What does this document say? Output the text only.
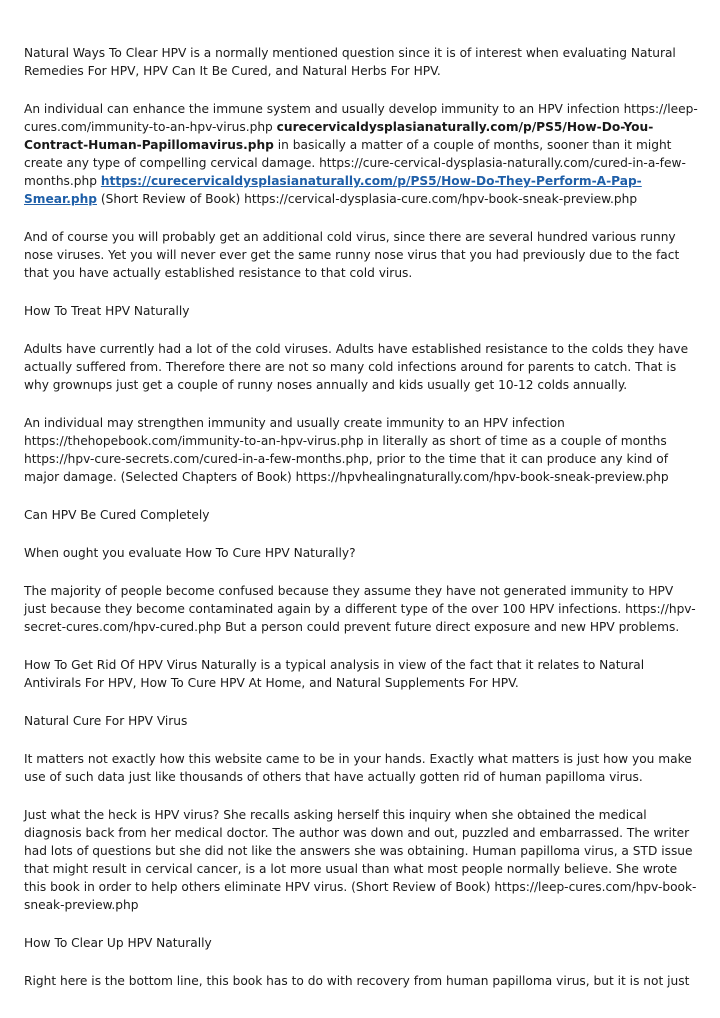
Natural Ways To Clear HPV is a normally mentioned question since it is of interest when evaluating Natural Remedies For HPV, HPV Can It Be Cured, and Natural Herbs For HPV.

An individual can enhance the immune system and usually develop immunity to an HPV infection https://leep-cures.com/immunity-to-an-hpv-virus.php curecervicaldysplasianaturally.com/p/PS5/How-Do-You-Contract-Human-Papillomavirus.php in basically a matter of a couple of months, sooner than it might create any type of compelling cervical damage. https://cure-cervical-dysplasia-naturally.com/cured-in-a-few-months.php https://curecervicaldysplasianaturally.com/p/PS5/How-Do-They-Perform-A-Pap-Smear.php (Short Review of Book) https://cervical-dysplasia-cure.com/hpv-book-sneak-preview.php

And of course you will probably get an additional cold virus, since there are several hundred various runny nose viruses. Yet you will never ever get the same runny nose virus that you had previously due to the fact that you have actually established resistance to that cold virus.

How To Treat HPV Naturally

Adults have currently had a lot of the cold viruses. Adults have established resistance to the colds they have actually suffered from. Therefore there are not so many cold infections around for parents to catch. That is why grownups just get a couple of runny noses annually and kids usually get 10-12 colds annually.

An individual may strengthen immunity and usually create immunity to an HPV infection https://thehopebook.com/immunity-to-an-hpv-virus.php in literally as short of time as a couple of months https://hpv-cure-secrets.com/cured-in-a-few-months.php, prior to the time that it can produce any kind of major damage. (Selected Chapters of Book) https://hpvhealingnaturally.com/hpv-book-sneak-preview.php

Can HPV Be Cured Completely

When ought you evaluate How To Cure HPV Naturally?

The majority of people become confused because they assume they have not generated immunity to HPV just because they become contaminated again by a different type of the over 100 HPV infections. https://hpv-secret-cures.com/hpv-cured.php But a person could prevent future direct exposure and new HPV problems.

How To Get Rid Of HPV Virus Naturally is a typical analysis in view of the fact that it relates to Natural Antivirals For HPV, How To Cure HPV At Home, and Natural Supplements For HPV.

Natural Cure For HPV Virus

It matters not exactly how this website came to be in your hands. Exactly what matters is just how you make use of such data just like thousands of others that have actually gotten rid of human papilloma virus.

Just what the heck is HPV virus? She recalls asking herself this inquiry when she obtained the medical diagnosis back from her medical doctor. The author was down and out, puzzled and embarrassed. The writer had lots of questions but she did not like the answers she was obtaining. Human papilloma virus, a STD issue that might result in cervical cancer, is a lot more usual than what most people normally believe. She wrote this book in order to help others eliminate HPV virus. (Short Review of Book) https://leep-cures.com/hpv-book-sneak-preview.php

How To Clear Up HPV Naturally

Right here is the bottom line, this book has to do with recovery from human papilloma virus, but it is not just
